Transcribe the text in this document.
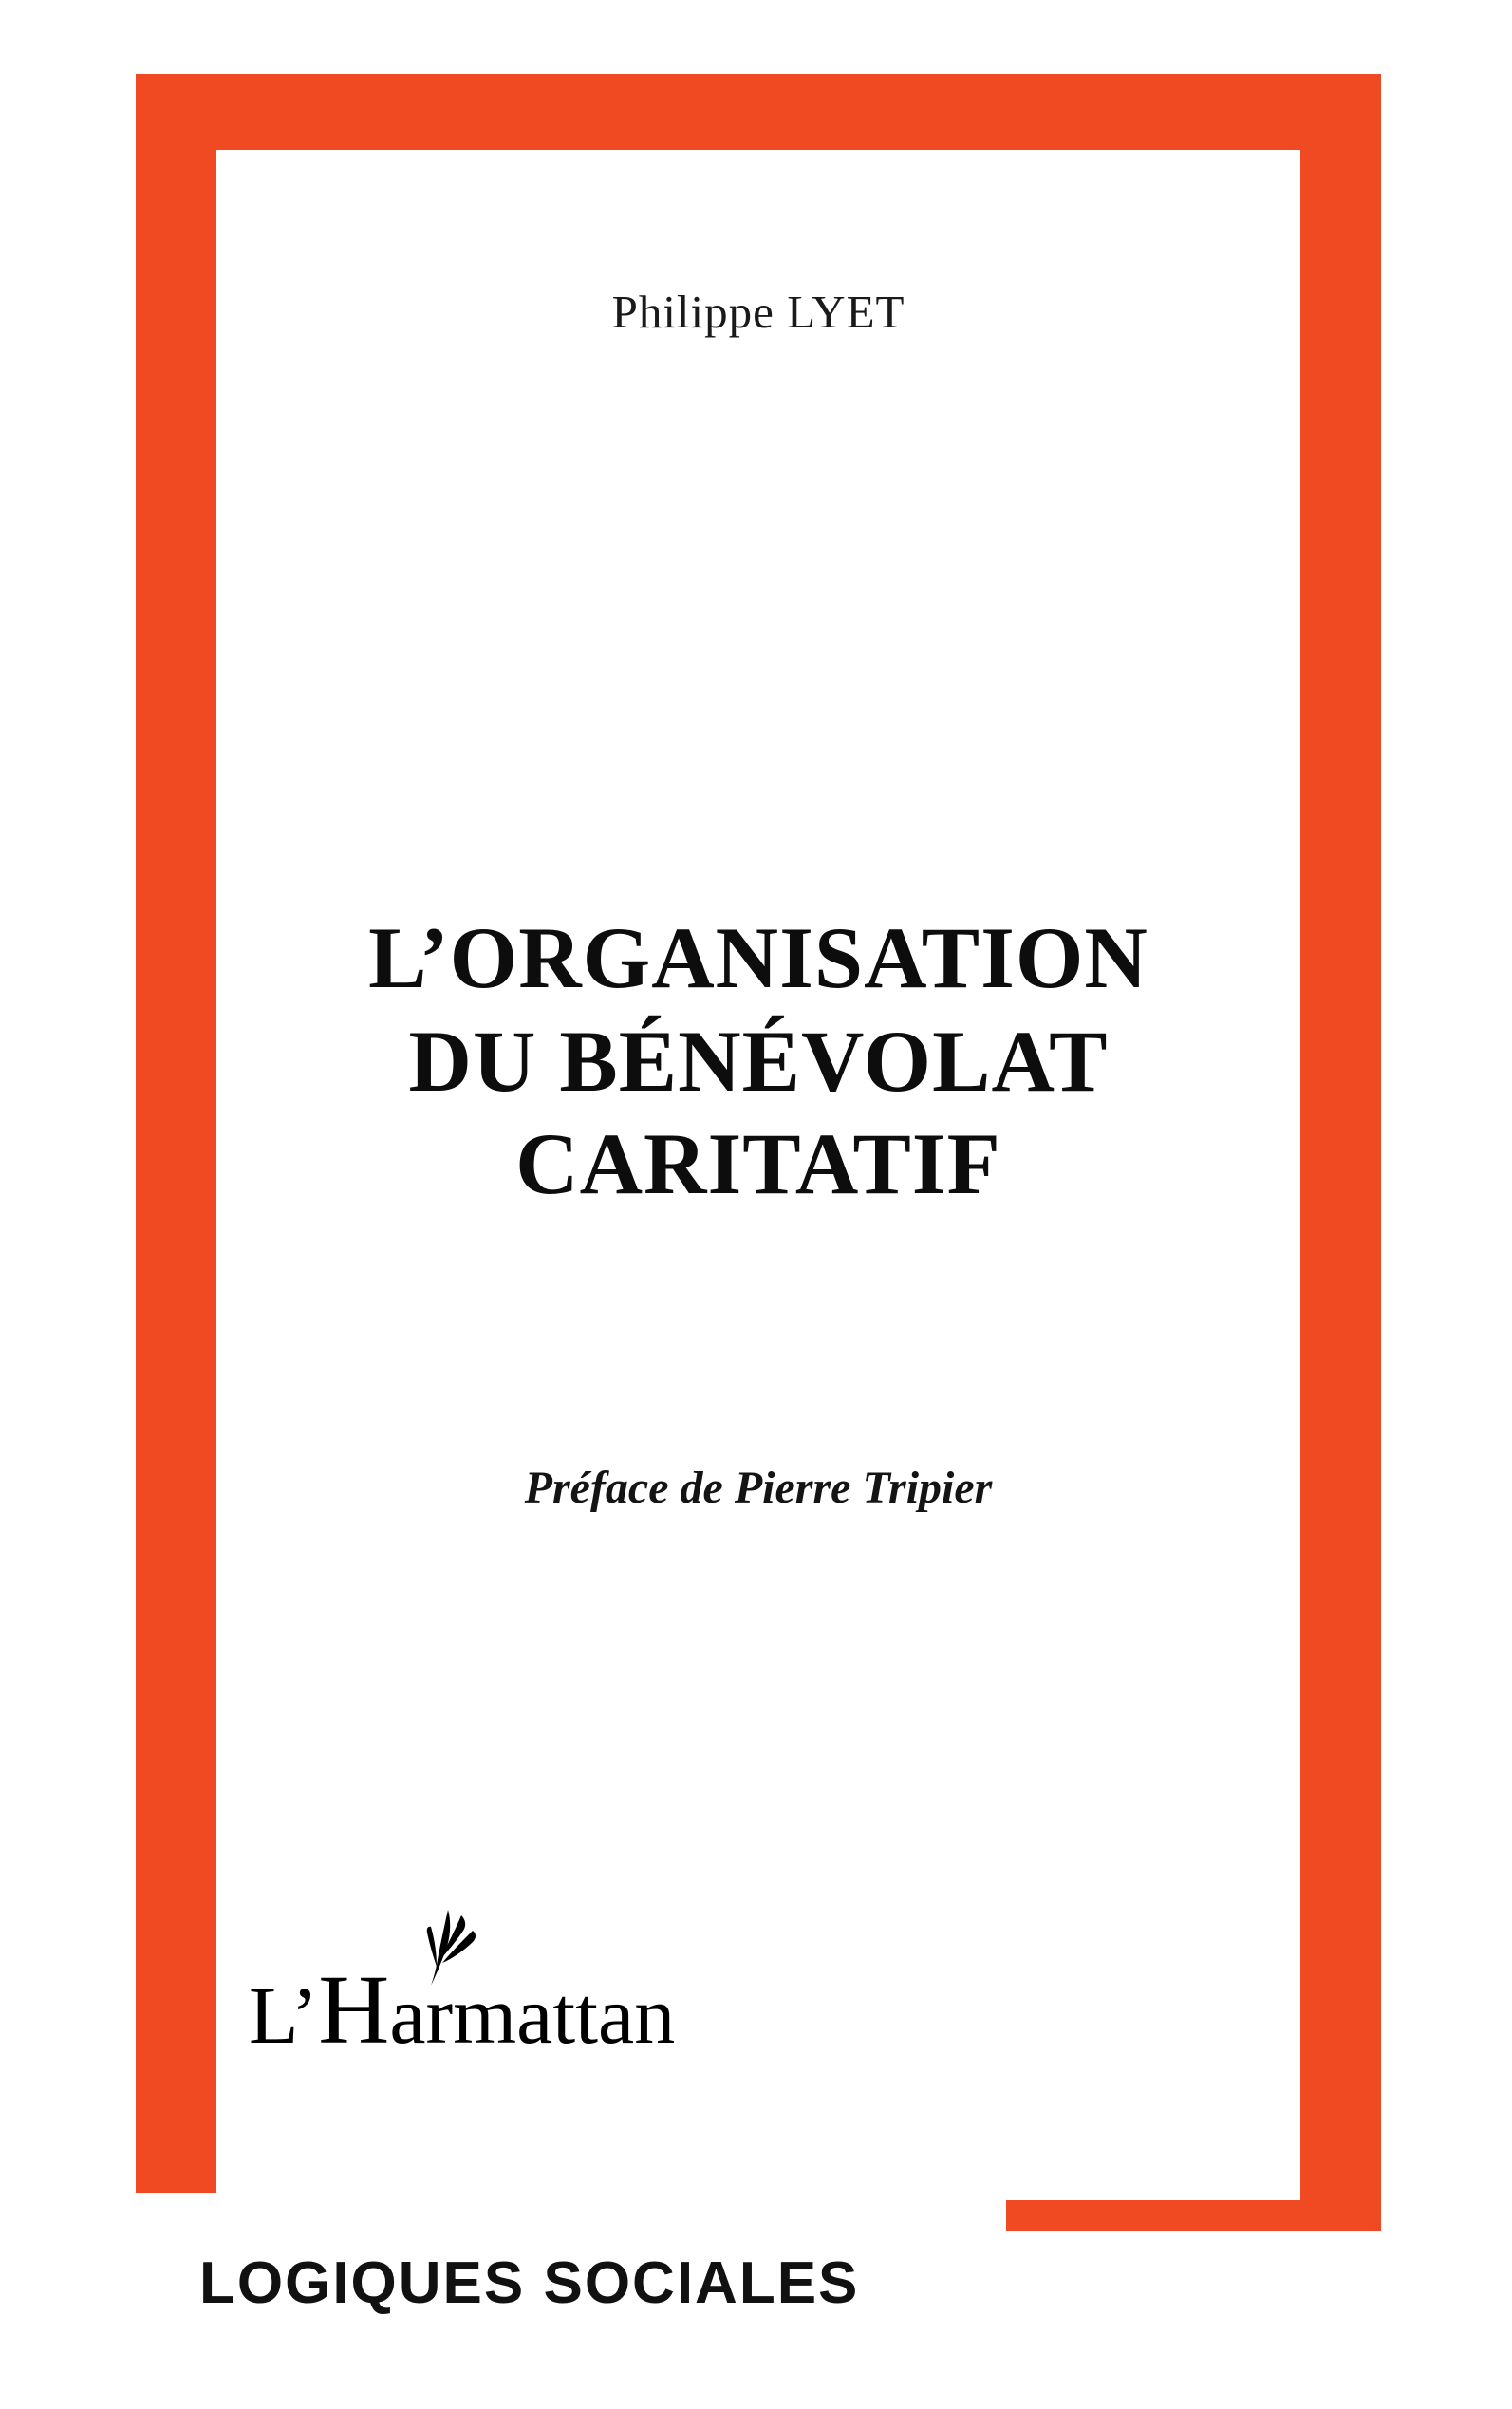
Philippe LYET
L’ORGANISATION
DU BÉNÉVOLAT
CARITATIF
Préface de Pierre Tripier
L’Harmattan
LOGIQUES SOCIALES
